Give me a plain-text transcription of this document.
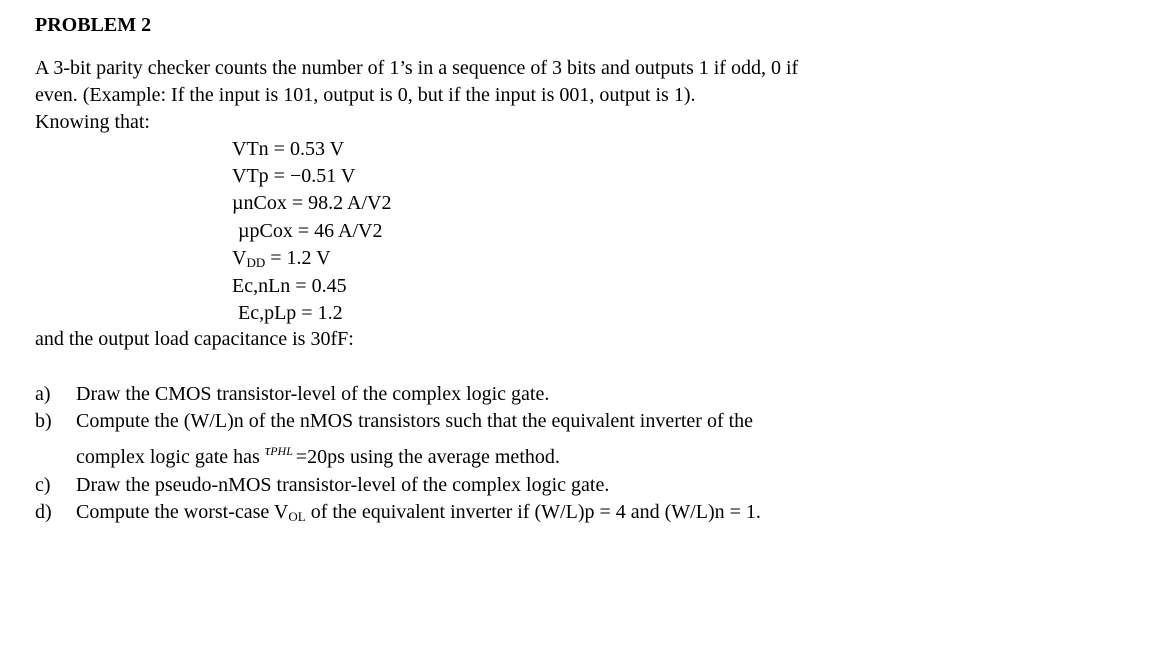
PROBLEM 2
A 3-bit parity checker counts the number of 1’s in a sequence of 3 bits and outputs 1 if odd, 0 if
even. (Example: If the input is 101, output is 0, but if the input is 001, output is 1).
Knowing that:
VTn = 0.53 V
VTp = −0.51 V
µnCox = 98.2 A/V2
µpCox = 46 A/V2
$V_{DD} = 1.2$ V
Ec,nLn = 0.45
Ec,pLp = 1.2
and the output load capacitance is 30fF:
a) Draw the CMOS transistor-level of the complex logic gate.
b) Compute the (W/L)n of the nMOS transistors such that the equivalent inverter of the
complex logic gate has $^{\tau PHL}$ =20ps using the average method.
c) Draw the pseudo-nMOS transistor-level of the complex logic gate.
d) Compute the worst-case $V_{OL}$ of the equivalent inverter if (W/L)p = 4 and (W/L)n = 1.
